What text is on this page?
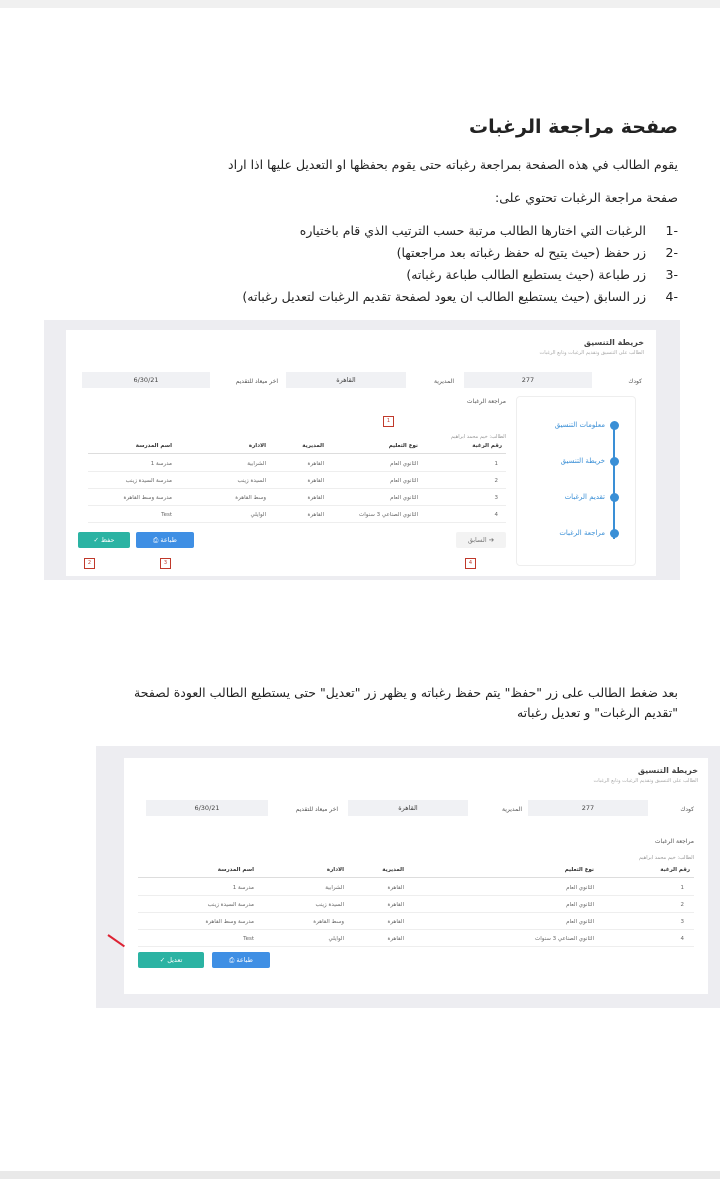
صفحة مراجعة الرغبات
يقوم الطالب في هذه الصفحة بمراجعة رغباته حتى يقوم بحفظها او التعديل عليها اذا اراد
صفحة مراجعة الرغبات تحتوي على:
-1الرغبات التي اختارها الطالب مرتبة حسب الترتيب الذي قام باختياره
-2زر حفظ (حيث يتيح له حفظ رغباته بعد مراجعتها)
-3زر طباعة (حيث يستطيع الطالب طباعة رغباته)
-4زر السابق (حيث يستطيع الطالب ان يعود لصفحة تقديم الرغبات لتعديل رغباته)
خريطة التنسيق
الطالب على التنسيق وتقديم الرغبات وتابع الرغبات
كودك
277
المديرية
القاهرة
اخر ميعاد للتقديم
6/30/21
معلومات التنسيق
خريطة التنسيق
تقديم الرغبات
مراجعة الرغبات
مراجعة الرغبات
1
الطالب: خيم محمد ابراهيم
رقم الرغبة
نوع التعليم
المديرية
الادارة
اسم المدرسة
1
الثانوي العام
القاهرة
الشرابية
مدرسة 1
2
الثانوي العام
القاهرة
السيدة زينب
مدرسة السيدة زينب
3
الثانوي العام
القاهرة
وسط القاهرة
مدرسة وسط القاهرة
4
الثانوي الصناعي 3 سنوات
القاهرة
الوايلي
Test
السابق ➔
4
⎙ طباعة
✓ حفظ
3
2
بعد ضغط الطالب على زر "حفظ" يتم حفظ رغباته و يظهر زر "تعديل" حتى يستطيع الطالب العودة لصفحة "تقديم الرغبات" و تعديل رغباته
خريطة التنسيق
الطالب على التنسيق وتقديم الرغبات وتابع الرغبات
كودك
277
المديرية
القاهرة
اخر ميعاد للتقديم
6/30/21
مراجعة الرغبات
الطالب: خيم محمد ابراهيم
رقم الرغبة
نوع التعليم
المديرية
الادارة
اسم المدرسة
1
الثانوي العام
القاهرة
الشرابية
مدرسة 1
2
الثانوي العام
القاهرة
السيدة زينب
مدرسة السيدة زينب
3
الثانوي العام
القاهرة
وسط القاهرة
مدرسة وسط القاهرة
4
الثانوي الصناعي 3 سنوات
القاهرة
الوايلي
Test
⎙ طباعة
✓ تعديل
